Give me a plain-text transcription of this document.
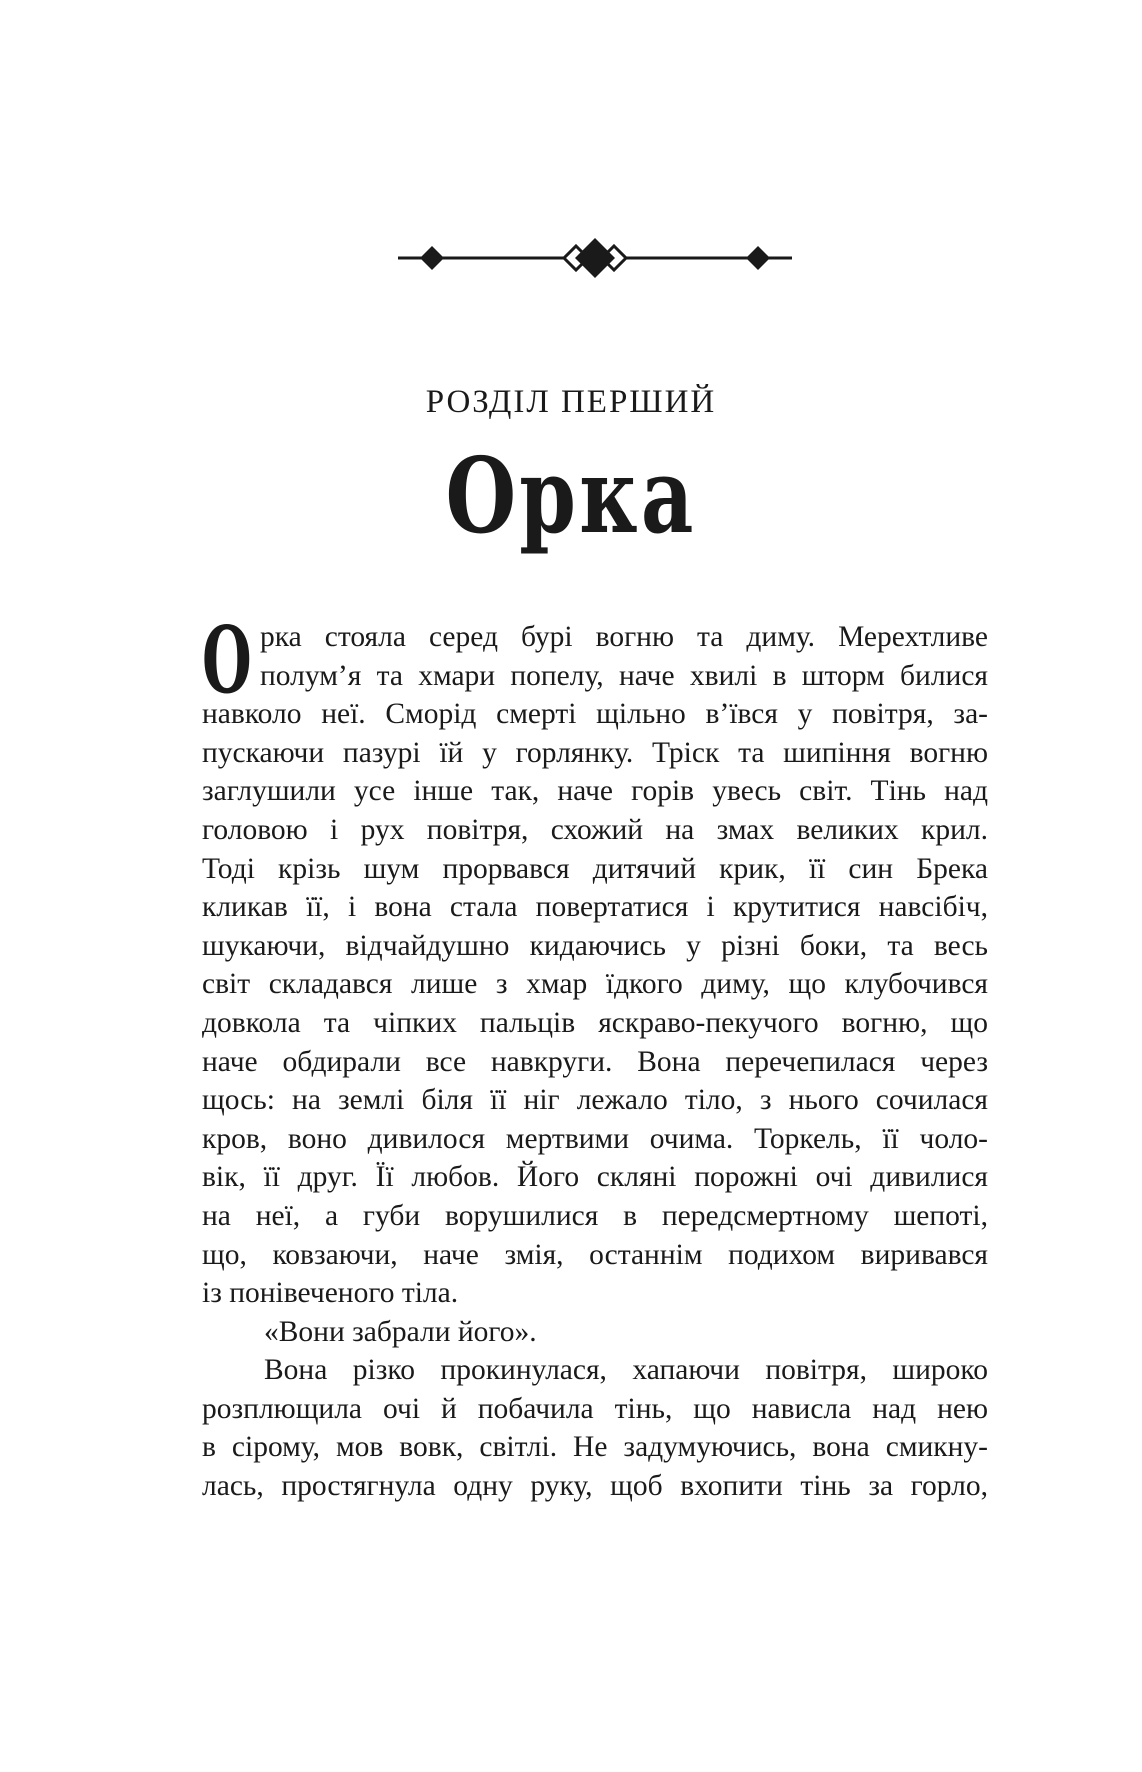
РОЗДІЛ ПЕРШИЙ
Орка
О рка стояла серед бурі вогню та диму. Мерехтливе
полум’я та хмари попелу, наче хвилі в шторм билися
навколо неї. Сморід смерті щільно в’ївся у повітря, за-
пускаючи пазурі їй у горлянку. Тріск та шипіння вогню
заглушили усе інше так, наче горів увесь світ. Тінь над
головою і рух повітря, схожий на змах великих крил.
Тоді крізь шум прорвався дитячий крик, її син Брека
кликав її, і вона стала повертатися і крутитися навсібіч,
шукаючи, відчайдушно кидаючись у різні боки, та весь
світ складався лише з хмар їдкого диму, що клубочився
довкола та чіпких пальців яскраво-пекучого вогню, що
наче обдирали все навкруги. Вона перечепилася через
щось: на землі біля її ніг лежало тіло, з нього сочилася
кров, воно дивилося мертвими очима. Торкель, її чоло-
вік, її друг. Її любов. Його скляні порожні очі дивилися
на неї, а губи ворушилися в передсмертному шепоті,
що, ковзаючи, наче змія, останнім подихом виривався
із понівеченого тіла.
«Вони забрали його».
Вона різко прокинулася, хапаючи повітря, широко
розплющила очі й побачила тінь, що нависла над нею
в сірому, мов вовк, світлі. Не задумуючись, вона смикну-
лась, простягнула одну руку, щоб вхопити тінь за горло,
